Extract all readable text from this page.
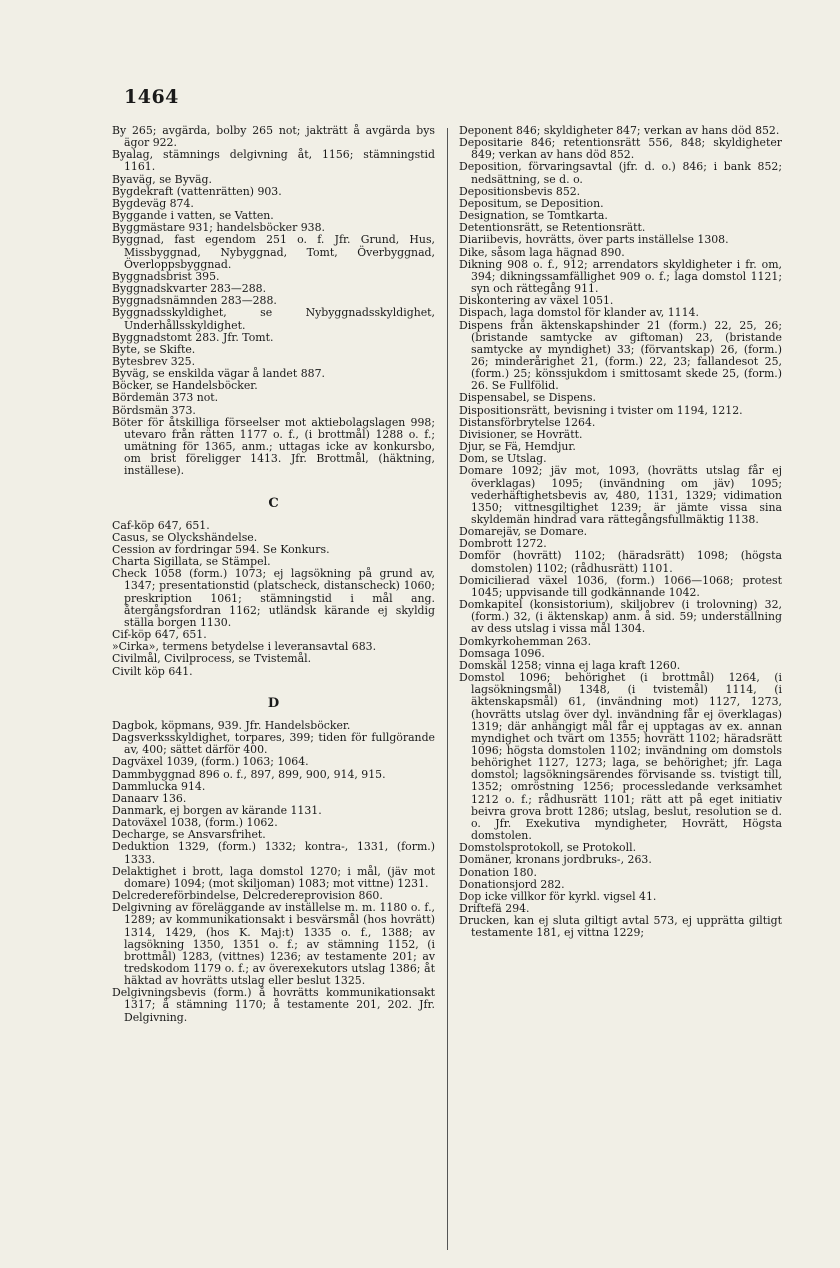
1464

By 265; avgärda, bolby 265 not; jakträtt å avgärda bys ägor 922.

Byalag, stämnings delgivning åt, 1156; stämningstid 1161.

Byaväg, se Byväg.

Bygdekraft (vattenrätten) 903.

Bygdeväg 874.

Byggande i vatten, se Vatten.

Byggmästare 931; handelsböcker 938.

Byggnad, fast egendom 251 o. f. Jfr. Grund, Hus, Missbyggnad, Nybyggnad, Tomt, Överbyggnad, Överloppsbyggnad.

Byggnadsbrist 395.

Byggnadskvarter 283—288.

Byggnadsnämnden 283—288.

Byggnadsskyldighet, se Nybyggnadsskyldighet, Underhållsskyldighet.

Byggnadstomt 283. Jfr. Tomt.

Byte, se Skifte.

Bytesbrev 325.

Byväg, se enskilda vägar å landet 887.

Böcker, se Handelsböcker.

Bördemän 373 not.

Bördsmän 373.

Böter för åtskilliga förseelser mot aktiebolagslagen 998; utevaro från rätten 1177 o. f., (i brottmål) 1288 o. f.; umätning för 1365, anm.; uttagas icke av konkursbo, om brist föreligger 1413. Jfr. Brottmål, (häktning, inställese).

C

Caf-köp 647, 651.

Casus, se Olyckshändelse.

Cession av fordringar 594. Se Konkurs.

Charta Sigillata, se Stämpel.

Check 1058 (form.) 1073; ej lagsökning på grund av, 1347; presentationstid (platscheck, distanscheck) 1060; preskription 1061; stämningstid i mål ang. återgångsfordran 1162; utländsk kärande ej skyldig ställa borgen 1130.

Cif-köp 647, 651.

»Cirka», termens betydelse i leveransavtal 683.

Civilmål, Civilprocess, se Tvistemål.

Civilt köp 641.

D

Dagbok, köpmans, 939. Jfr. Handelsböcker.

Dagsverksskyldighet, torpares, 399; tiden för fullgörande av, 400; sättet därför 400.

Dagväxel 1039, (form.) 1063; 1064.

Dammbyggnad 896 o. f., 897, 899, 900, 914, 915.

Dammlucka 914.

Danaarv 136.

Danmark, ej borgen av kärande 1131.

Datoväxel 1038, (form.) 1062.

Decharge, se Ansvarsfrihet.

Deduktion 1329, (form.) 1332; kontra-, 1331, (form.) 1333.

Delaktighet i brott, laga domstol 1270; i mål, (jäv mot domare) 1094; (mot skiljoman) 1083; mot vittne) 1231.

Delcredereförbindelse, Delcredereprovision 860.

Delgivning av föreläggande av inställelse m. m. 1180 o. f., 1289; av kommunikationsakt i besvärsmål (hos hovrätt) 1314, 1429, (hos K. Maj:t) 1335 o. f., 1388; av lagsökning 1350, 1351 o. f.; av stämning 1152, (i brottmål) 1283, (vittnes) 1236; av testamente 201; av tredskodom 1179 o. f.; av överexekutors utslag 1386; åt häktad av hovrätts utslag eller beslut 1325.

Delgivningsbevis (form.) å hovrätts kommunikationsakt 1317; å stämning 1170; å testamente 201, 202. Jfr. Delgivning.

Deponent 846; skyldigheter 847; verkan av hans död 852.

Depositarie 846; retentionsrätt 556, 848; skyldigheter 849; verkan av hans död 852.

Deposition, förvaringsavtal (jfr. d. o.) 846; i bank 852; nedsättning, se d. o.

Depositionsbevis 852.

Depositum, se Deposition.

Designation, se Tomtkarta.

Detentionsrätt, se Retentionsrätt.

Diariibevis, hovrätts, över parts inställelse 1308.

Dike, såsom laga hägnad 890.

Dikning 908 o. f., 912; arrendators skyldigheter i fr. om, 394; dikningssamfällighet 909 o. f.; laga domstol 1121; syn och rättegång 911.

Diskontering av växel 1051.

Dispach, laga domstol för klander av, 1114.

Dispens från äktenskapshinder 21 (form.) 22, 25, 26; (bristande samtycke av giftoman) 23, (bristande samtycke av myndighet) 33; (förvantskap) 26, (form.) 26; minderårighet 21, (form.) 22, 23; fallandesot 25, (form.) 25; könssjukdom i smittosamt skede 25, (form.) 26. Se Fullfölid.

Dispensabel, se Dispens.

Dispositionsrätt, bevisning i tvister om 1194, 1212.

Distansförbrytelse 1264.

Divisioner, se Hovrätt.

Djur, se Fä, Hemdjur.

Dom, se Utslag.

Domare 1092; jäv mot, 1093, (hovrätts utslag får ej överklagas) 1095; (invändning om jäv) 1095; vederhäftighetsbevis av, 480, 1131, 1329; vidimation 1350; vittnesgiltighet 1239; är jämte vissa sina skyldemän hindrad vara rättegångsfullmäktig 1138.

Domarejäv, se Domare.

Dombrott 1272.

Domför (hovrätt) 1102; (häradsrätt) 1098; (högsta domstolen) 1102; (rådhusrätt) 1101.

Domicilierad växel 1036, (form.) 1066—1068; protest 1045; uppvisande till godkännande 1042.

Domkapitel (konsistorium), skiljobrev (i trolovning) 32, (form.) 32, (i äktenskap) anm. å sid. 59; underställning av dess utslag i vissa mål 1304.

Domkyrkohemman 263.

Domsaga 1096.

Domskäl 1258; vinna ej laga kraft 1260.

Domstol 1096; behörighet (i brottmål) 1264, (i lagsökningsmål) 1348, (i tvistemål) 1114, (i äktenskapsmål) 61, (invändning mot) 1127, 1273, (hovrätts utslag över dyl. invändning får ej överklagas) 1319; där anhängigt mål får ej upptagas av ex. annan myndighet och tvärt om 1355; hovrätt 1102; häradsrätt 1096; högsta domstolen 1102; invändning om domstols behörighet 1127, 1273; laga, se behörighet; jfr. Laga domstol; lagsökningsärendes förvisande ss. tvistigt till, 1352; omröstning 1256; processledande verksamhet 1212 o. f.; rådhusrätt 1101; rätt att på eget initiativ beivra grova brott 1286; utslag, beslut, resolution se d. o. Jfr. Exekutiva myndigheter, Hovrätt, Högsta domstolen.

Domstolsprotokoll, se Protokoll.

Domäner, kronans jordbruks-, 263.

Donation 180.

Donationsjord 282.

Dop icke villkor för kyrkl. vigsel 41.

Driftefä 294.

Drucken, kan ej sluta giltigt avtal 573, ej upprätta giltigt testamente 181, ej vittna 1229;
